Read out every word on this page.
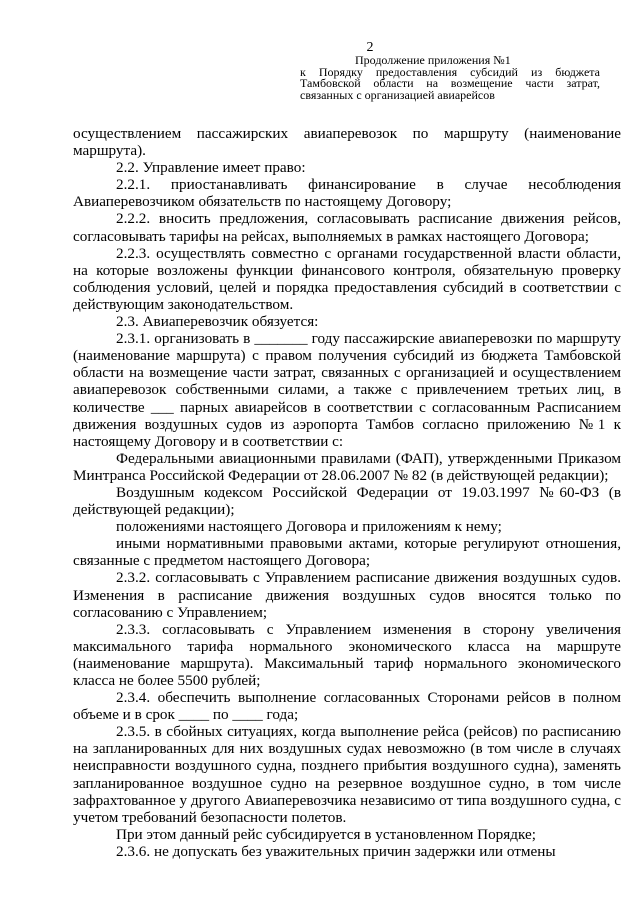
2
Продолжение приложения №1
к Порядку предоставления субсидий из бюджета
Тамбовской области на возмещение части затрат,
связанных с организацией авиарейсов

осуществлением пассажирских авиаперевозок по маршруту (наименование маршрута).

2.2. Управление имеет право:

2.2.1. приостанавливать финансирование в случае несоблюдения Авиаперевозчиком обязательств по настоящему Договору;

2.2.2. вносить предложения, согласовывать расписание движения рейсов, согласовывать тарифы на рейсах, выполняемых в рамках настоящего Договора;

2.2.3. осуществлять совместно с органами государственной власти области, на которые возложены функции финансового контроля, обязательную проверку соблюдения условий, целей и порядка предоставления субсидий в соответствии с действующим законодательством.

2.3. Авиаперевозчик обязуется:

2.3.1. организовать в _______ году пассажирские авиаперевозки по маршруту (наименование маршрута) с правом получения субсидий из бюджета Тамбовской области на возмещение части затрат, связанных с организацией и осуществлением авиаперевозок собственными силами, а также с привлечением третьих лиц, в количестве ___ парных авиарейсов в соответствии с согласованным Расписанием движения воздушных судов из аэропорта Тамбов согласно приложению №1 к настоящему Договору и в соответствии с:

Федеральными авиационными правилами (ФАП), утвержденными Приказом Минтранса Российской Федерации от 28.06.2007 № 82 (в действующей редакции);

Воздушным кодексом Российской Федерации от 19.03.1997 №60-ФЗ (в действующей редакции);

положениями настоящего Договора и приложениям к нему;

иными нормативными правовыми актами, которые регулируют отношения, связанные с предметом настоящего Договора;

2.3.2. согласовывать с Управлением расписание движения воздушных судов. Изменения в расписание движения воздушных судов вносятся только по согласованию с Управлением;

2.3.3. согласовывать с Управлением изменения в сторону увеличения максимального тарифа нормального экономического класса на маршруте (наименование маршрута). Максимальный тариф нормального экономического класса не более 5500 рублей;

2.3.4. обеспечить выполнение согласованных Сторонами рейсов в полном объеме и в срок ____ по ____ года;

2.3.5. в сбойных ситуациях, когда выполнение рейса (рейсов) по расписанию на запланированных для них воздушных судах невозможно (в том числе в случаях неисправности воздушного судна, позднего прибытия воздушного судна), заменять запланированное воздушное судно на резервное воздушное судно, в том числе зафрахтованное у другого Авиаперевозчика независимо от типа воздушного судна, с учетом требований безопасности полетов.

При этом данный рейс субсидируется в установленном Порядке;

2.3.6. не допускать без уважительных причин задержки или отмены
